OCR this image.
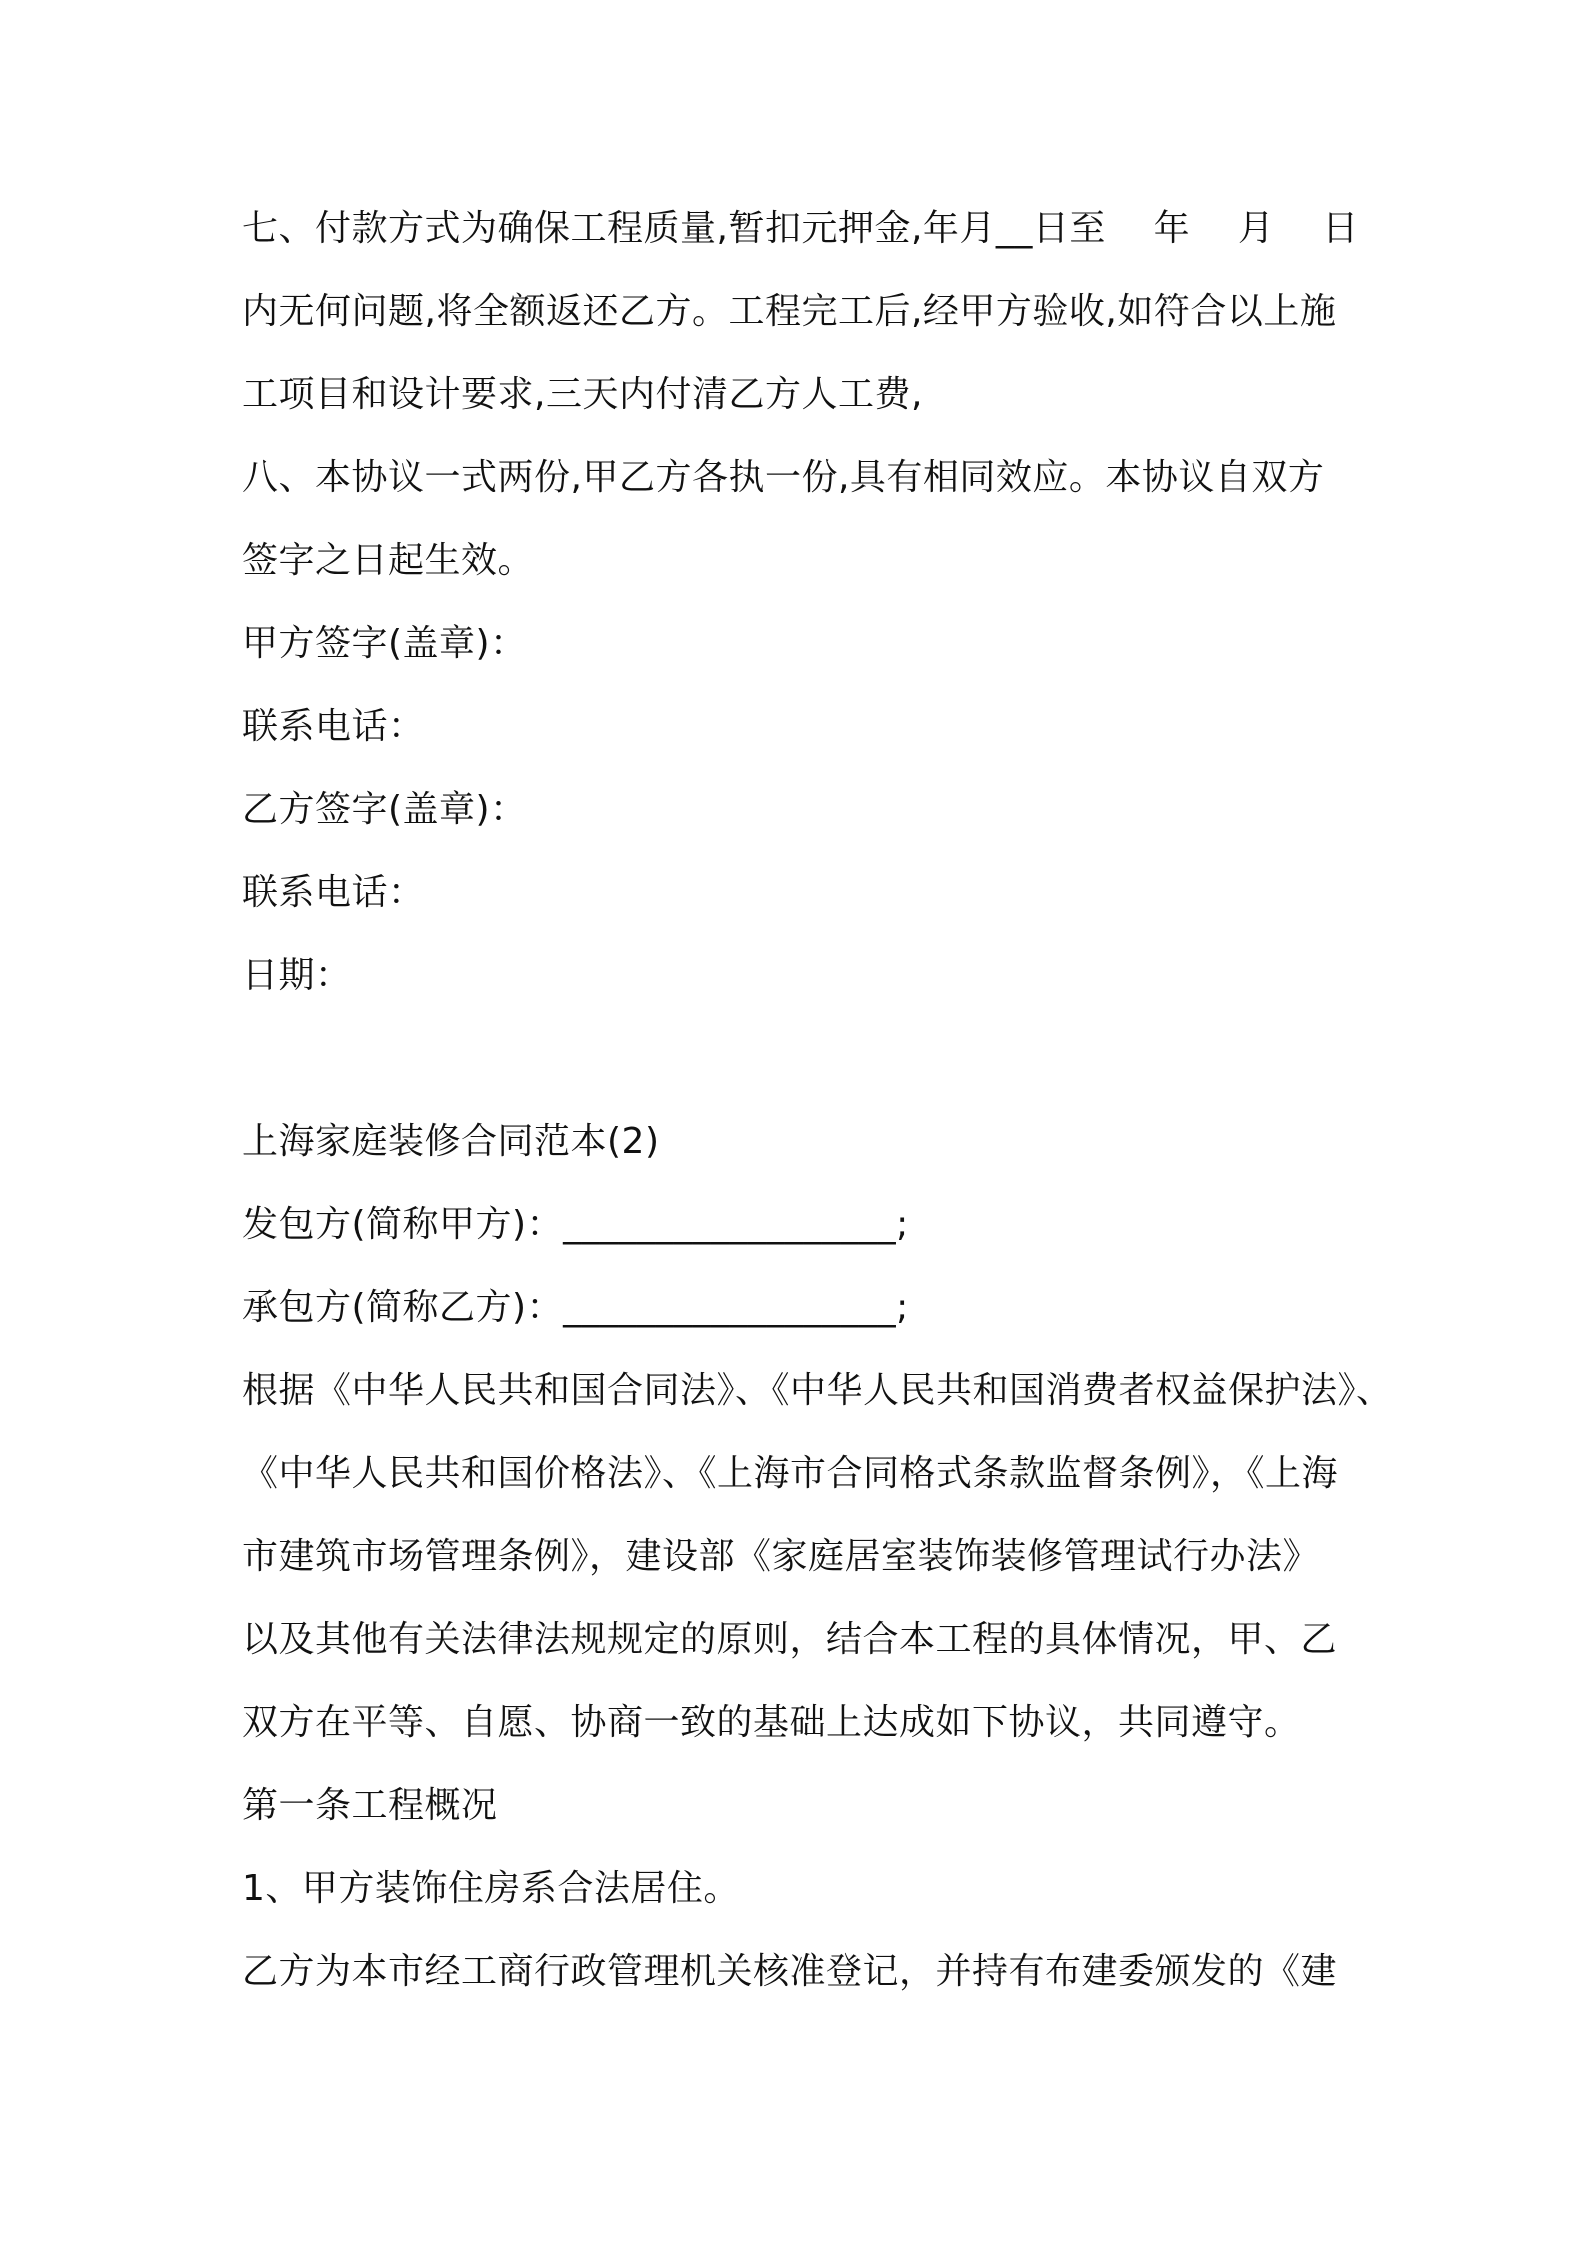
七、付款方式为确保工程质量,暂扣元押金,年月__日至    年    月    日
内无何问题,将全额返还乙方。工程完工后,经甲方验收,如符合以上施
工项目和设计要求,三天内付清乙方人工费,
八、本协议一式两份,甲乙方各执一份,具有相同效应。本协议自双方
签字之日起生效。
甲方签字(盖章)：
联系电话：
乙方签字(盖章)：
联系电话：
日期：
上海家庭装修合同范本(2)
发包方(简称甲方)：__________________;
承包方(简称乙方)：__________________;
根据《中华人民共和国合同法》、《中华人民共和国消费者权益保护法》、
《中华人民共和国价格法》、《上海市合同格式条款监督条例》，《上海
市建筑市场管理条例》，建设部《家庭居室装饰装修管理试行办法》
以及其他有关法律法规规定的原则，结合本工程的具体情况，甲、乙
双方在平等、自愿、协商一致的基础上达成如下协议，共同遵守。
第一条工程概况
1、甲方装饰住房系合法居住。
乙方为本市经工商行政管理机关核准登记，并持有布建委颁发的《建
